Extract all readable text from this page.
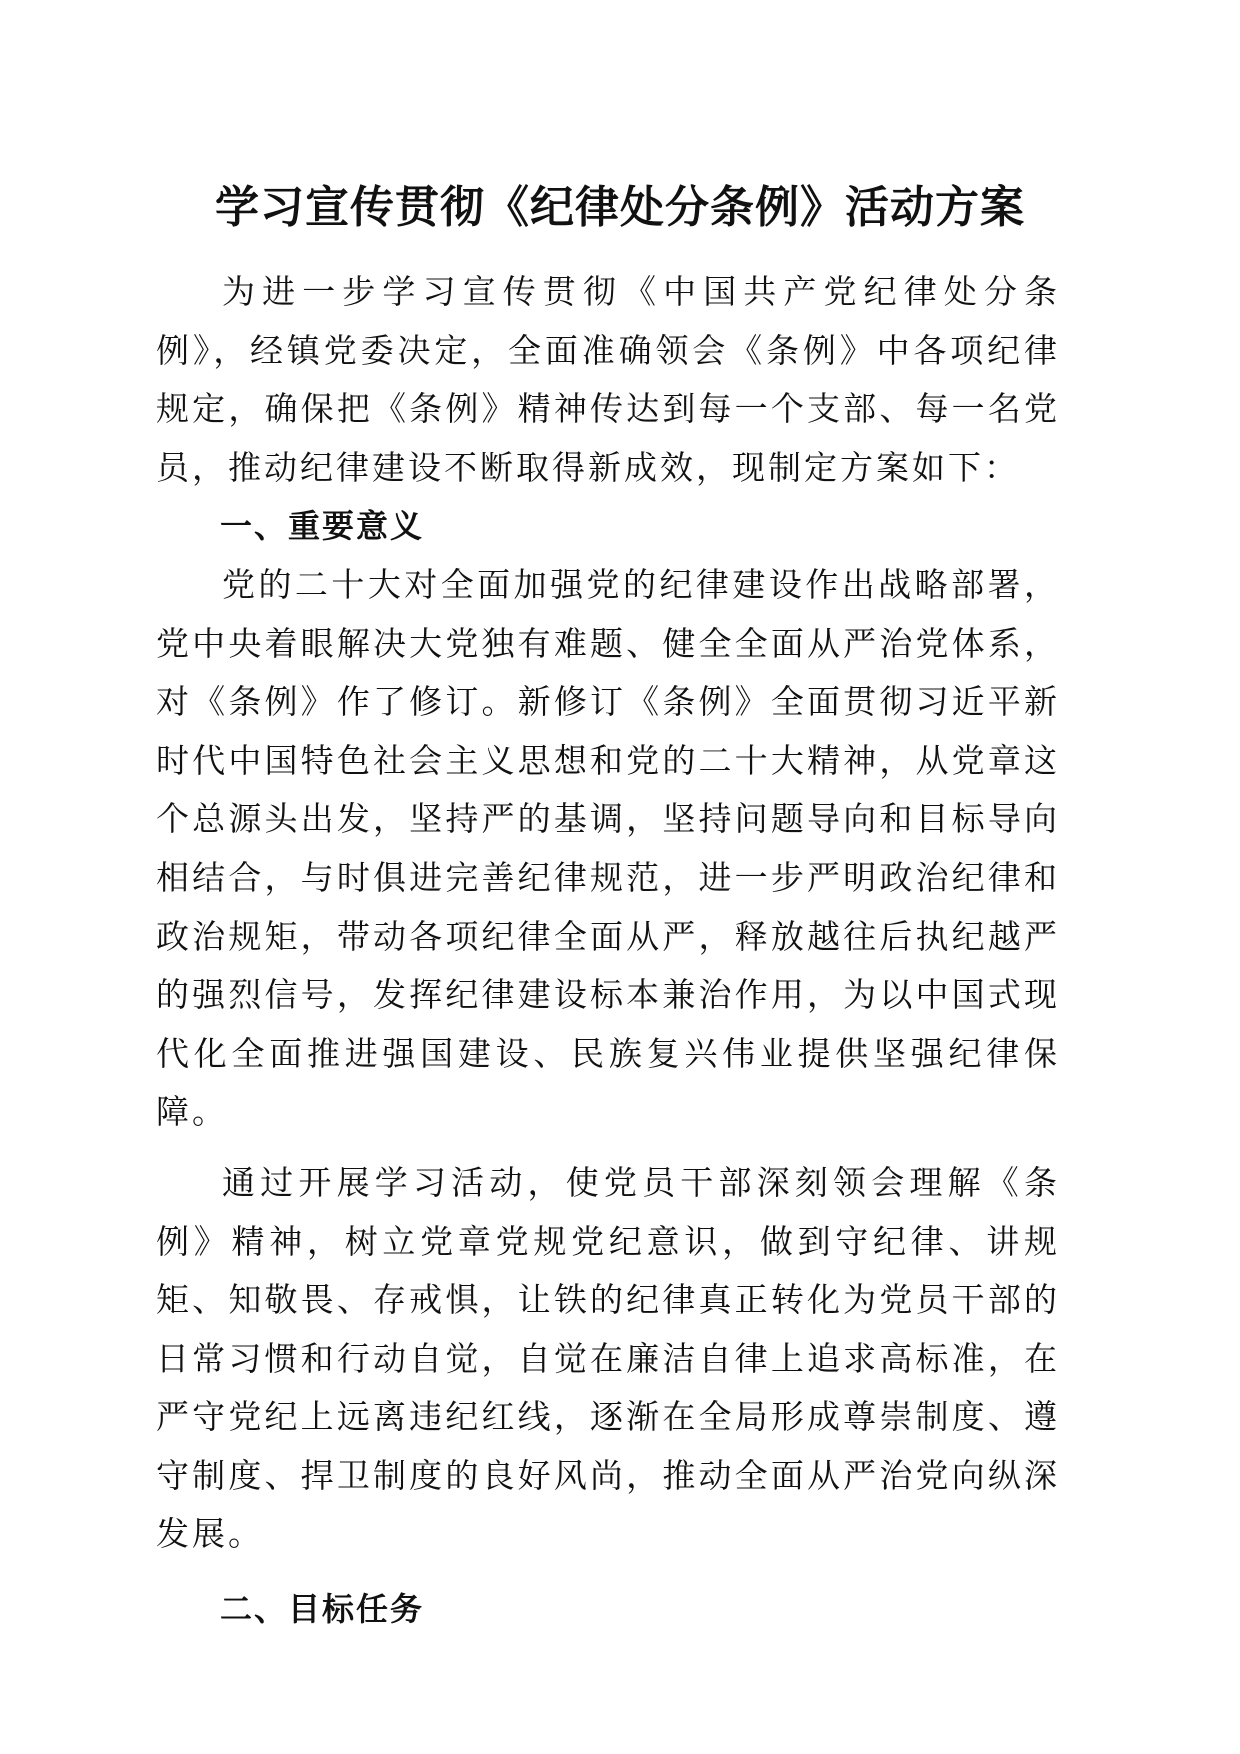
学习宣传贯彻《纪律处分条例》活动方案

为进一步学习宣传贯彻《中国共产党纪律处分条例》，经镇党委决定，全面准确领会《条例》中各项纪律规定，确保把《条例》精神传达到每一个支部、每一名党员，推动纪律建设不断取得新成效，现制定方案如下：

一、重要意义

党的二十大对全面加强党的纪律建设作出战略部署，党中央着眼解决大党独有难题、健全全面从严治党体系，对《条例》作了修订。新修订《条例》全面贯彻习近平新时代中国特色社会主义思想和党的二十大精神，从党章这个总源头出发，坚持严的基调，坚持问题导向和目标导向相结合，与时俱进完善纪律规范，进一步严明政治纪律和政治规矩，带动各项纪律全面从严，释放越往后执纪越严的强烈信号，发挥纪律建设标本兼治作用，为以中国式现代化全面推进强国建设、民族复兴伟业提供坚强纪律保障。

通过开展学习活动，使党员干部深刻领会理解《条例》精神，树立党章党规党纪意识，做到守纪律、讲规矩、知敬畏、存戒惧，让铁的纪律真正转化为党员干部的日常习惯和行动自觉，自觉在廉洁自律上追求高标准，在严守党纪上远离违纪红线，逐渐在全局形成尊崇制度、遵守制度、捍卫制度的良好风尚，推动全面从严治党向纵深发展。

二、目标任务
